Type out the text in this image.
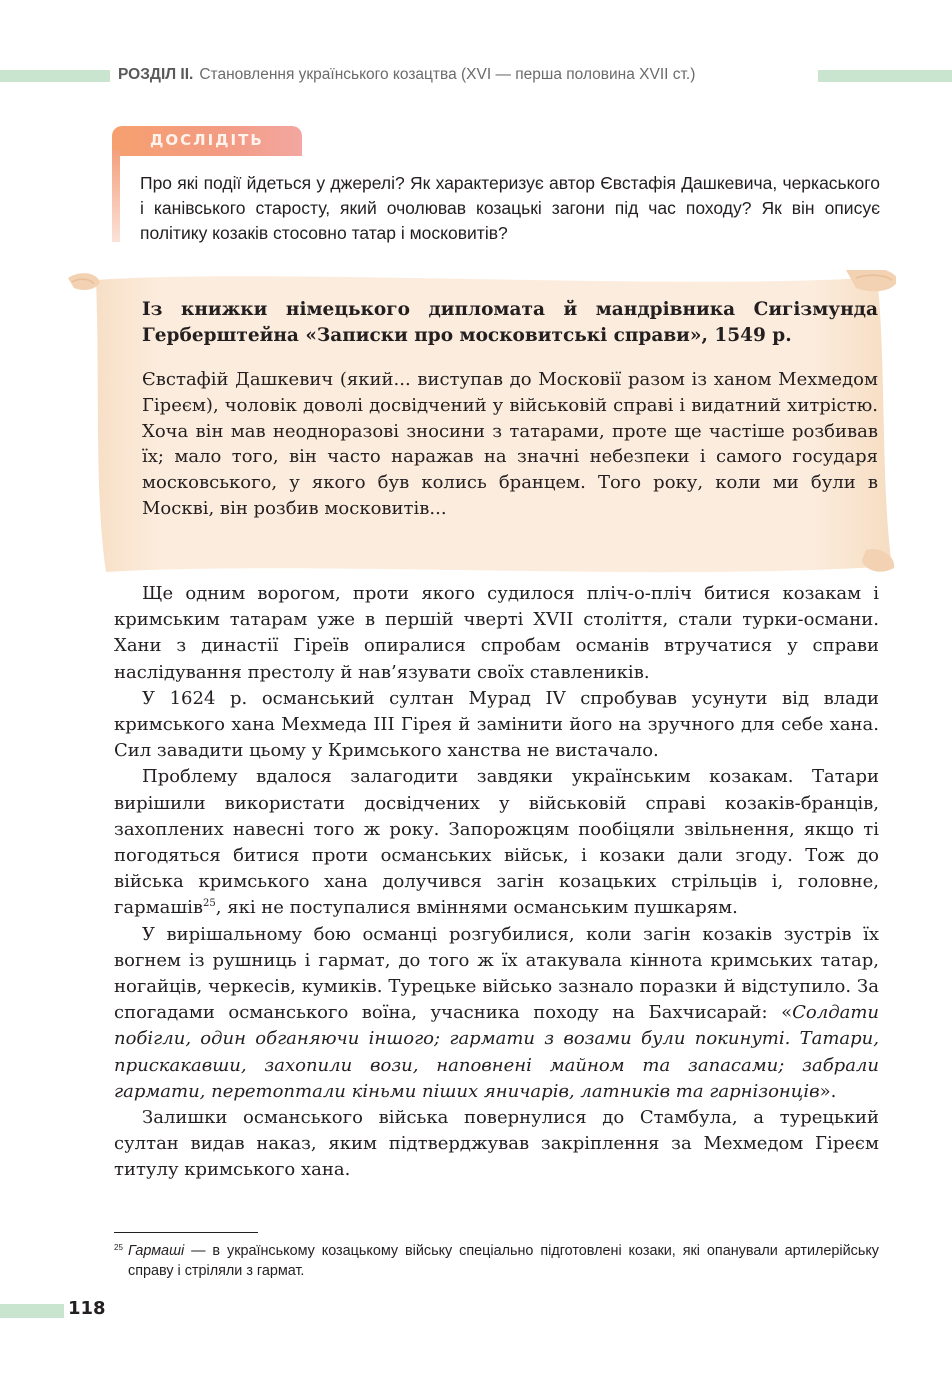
РОЗДІЛ ІІ. Становлення українського козацтва (XVI — перша половина XVII ст.)
ДОСЛІДІТЬ
Про які події йдеться у джерелі? Як характеризує автор Євстафія Дашкевича, черкаського і канівського старосту, який очолював козацькі загони під час походу? Як він описує політику козаків стосовно татар і московитів?
Із книжки німецького дипломата й мандрівника Сигізмунда Герберштейна «Записки про московитські справи», 1549 р.
Євстафій Дашкевич (який... виступав до Московії разом із ханом Мехмедом Гіреєм), чоловік доволі досвідчений у військовій справі і видатний хитрістю. Хоча він мав неодноразові зносини з татарами, проте ще частіше розбивав їх; мало того, він часто наражав на значні небезпеки і самого государя московського, у якого був колись бранцем. Того року, коли ми були в Москві, він розбив московитів...

Ще одним ворогом, проти якого судилося пліч-о-пліч битися козакам і кримським татарам уже в першій чверті XVII століття, стали турки-османи. Хани з династії Гіреїв опиралися спробам османів втручатися у справи наслідування престолу й нав’язувати своїх ставлеників.

У 1624 р. османський султан Мурад IV спробував усунути від влади кримського хана Мехмеда III Гірея й замінити його на зручного для себе хана. Сил завадити цьому у Кримського ханства не вистачало.

Проблему вдалося залагодити завдяки українським козакам. Татари вирішили використати досвідчених у військовій справі козаків-бранців, захоплених навесні того ж року. Запорожцям пообіцяли звільнення, якщо ті погодяться битися проти османських військ, і козаки дали згоду. Тож до війська кримського хана долучився загін козацьких стрільців і, головне, гармашів$^{25}$, які не поступалися вміннями османським пушкарям.

У вирішальному бою османці розгубилися, коли загін козаків зустрів їх вогнем із рушниць і гармат, до того ж їх атакувала кіннота кримських татар, ногайців, черкесів, кумиків. Турецьке військо зазнало поразки й відступило. За спогадами османського воїна, учасника походу на Бахчисарай: «Солдати побігли, один обганяючи іншого; гармати з возами були покинуті. Татари, прискакавши, захопили вози, наповнені майном та запасами; забрали гармати, перетоптали кіньми піших яничарів, латників та гарнізонців».

Залишки османського війська повернулися до Стамбула, а турецький султан видав наказ, яким підтверджував закріплення за Мехмедом Гіреєм титулу кримського хана.

$^{25}$ Гармаші — в українському козацькому війську спеціально підготовлені козаки, які опанували артилерійську справу і стріляли з гармат.
118
